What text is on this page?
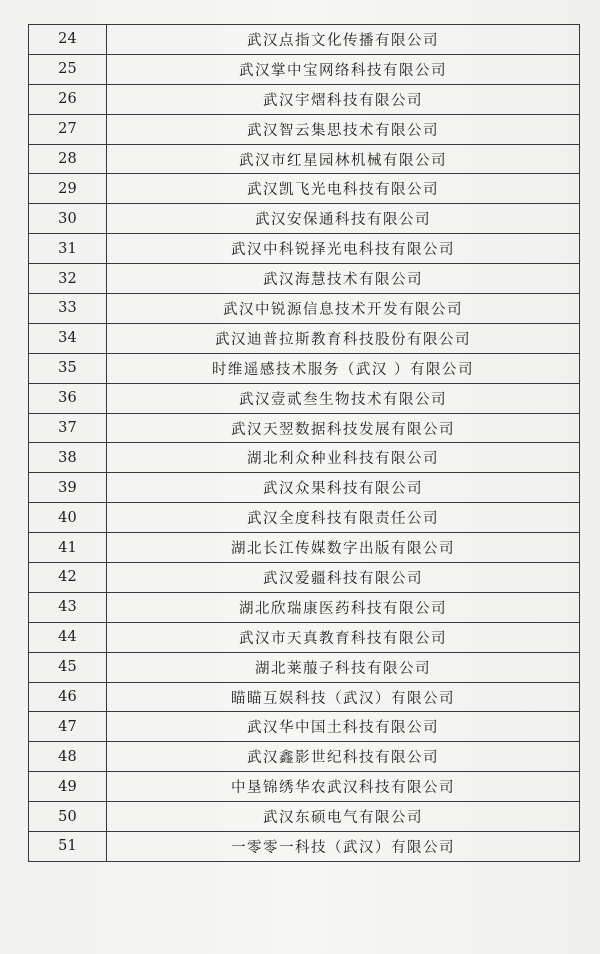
24	武汉点指文化传播有限公司
25	武汉掌中宝网络科技有限公司
26	武汉宇熠科技有限公司
27	武汉智云集思技术有限公司
28	武汉市红星园林机械有限公司
29	武汉凯飞光电科技有限公司
30	武汉安保通科技有限公司
31	武汉中科锐择光电科技有限公司
32	武汉海慧技术有限公司
33	武汉中锐源信息技术开发有限公司
34	武汉迪普拉斯教育科技股份有限公司
35	时维遥感技术服务（武汉 ）有限公司
36	武汉壹贰叁生物技术有限公司
37	武汉天翌数据科技发展有限公司
38	湖北利众种业科技有限公司
39	武汉众果科技有限公司
40	武汉全度科技有限责任公司
41	湖北长江传媒数字出版有限公司
42	武汉爱疆科技有限公司
43	湖北欣瑞康医药科技有限公司
44	武汉市天真教育科技有限公司
45	湖北莱菔子科技有限公司
46	瞄瞄互娱科技（武汉）有限公司
47	武汉华中国土科技有限公司
48	武汉鑫影世纪科技有限公司
49	中垦锦绣华农武汉科技有限公司
50	武汉东硕电气有限公司
51	一零零一科技（武汉）有限公司
